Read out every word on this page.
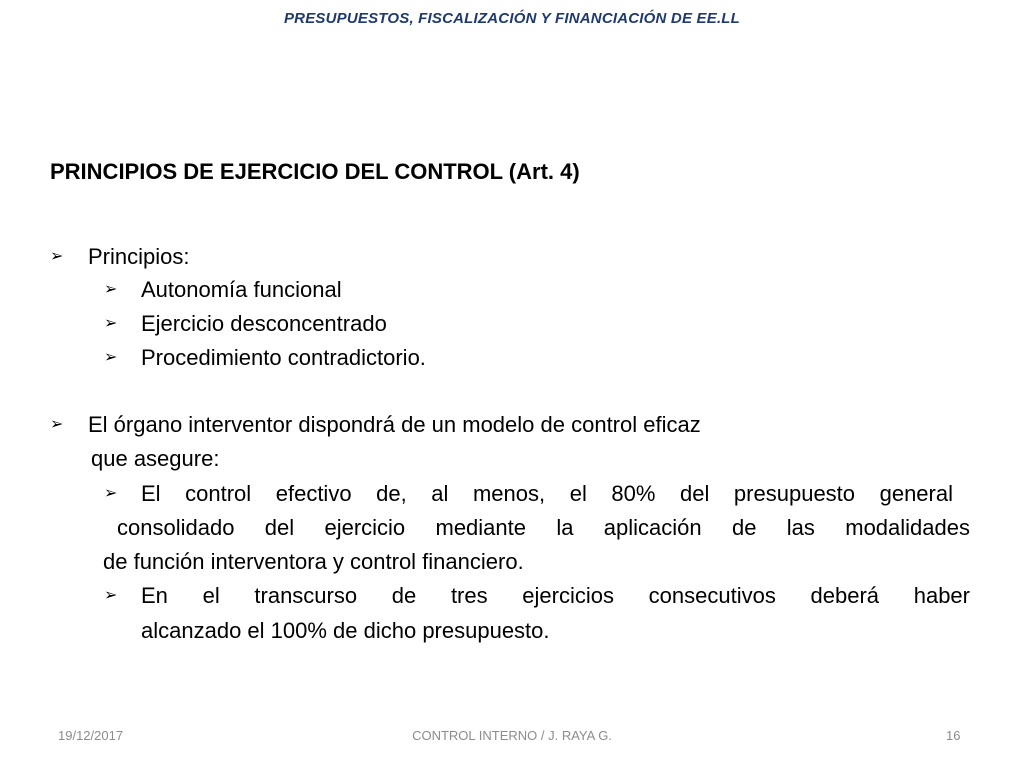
PRESUPUESTOS, FISCALIZACIÓN Y FINANCIACIÓN DE EE.LL
PRINCIPIOS DE EJERCICIO DEL CONTROL (Art. 4)
➢ Principios:
➢ Autonomía funcional
➢ Ejercicio desconcentrado
➢ Procedimiento contradictorio.
➢ El órgano interventor dispondrá de un modelo de control eficaz
que asegure:
➢ El control efectivo de, al menos, el 80% del presupuesto general
consolidado del ejercicio mediante la aplicación de las modalidades
de función interventora y control financiero.
➢ En el transcurso de tres ejercicios consecutivos deberá haber
alcanzado el 100% de dicho presupuesto.
19/12/2017	CONTROL INTERNO / J. RAYA G.	16
